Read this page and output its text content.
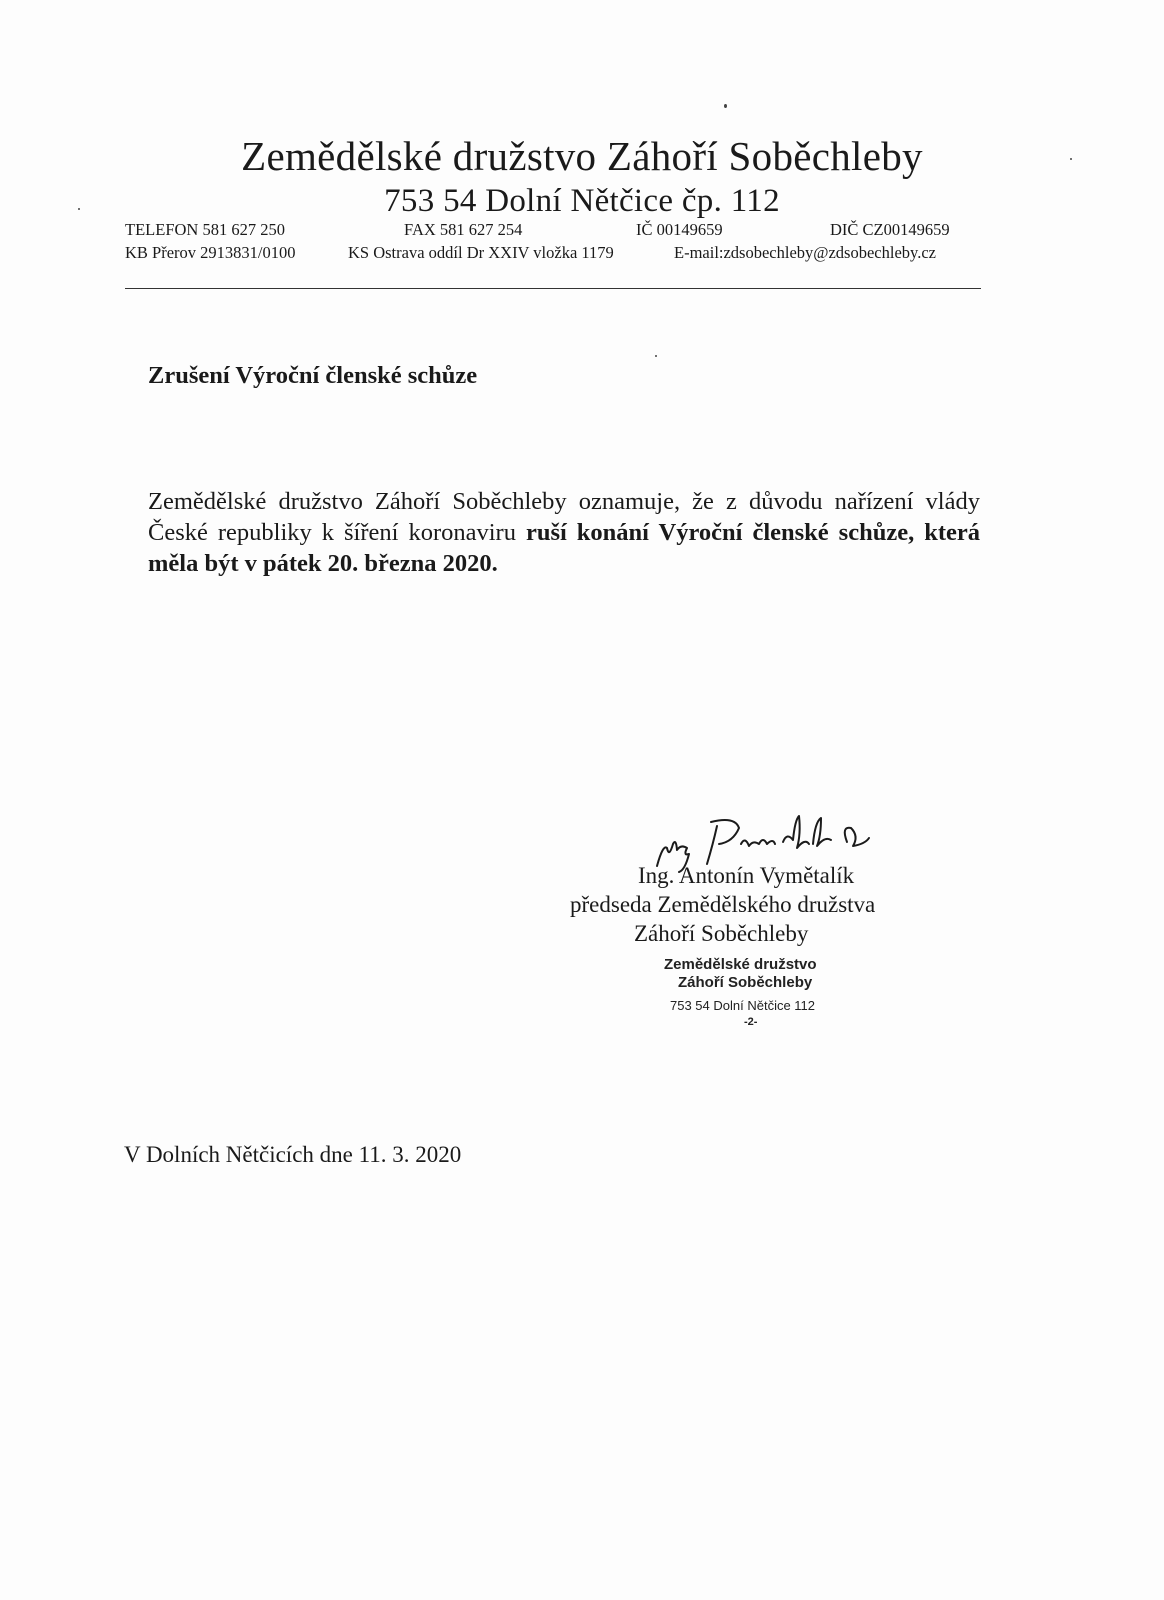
Zemědělské družstvo Záhoří Soběchleby
753 54 Dolní Nětčice čp. 112
TELEFON 581 627 250	FAX 581 627 254	IČ 00149659	DIČ CZ00149659
KB Přerov 2913831/0100	KS Ostrava oddíl Dr XXIV vložka 1179	E-mail:zdsobechleby@zdsobechleby.cz
Zrušení Výroční členské schůze
Zemědělské družstvo Záhoří Soběchleby oznamuje, že z důvodu nařízení vlády České republiky k šíření koronaviru ruší konání Výroční členské schůze, která měla být v pátek 20. března 2020.
Ing. Antonín Vymětalík
předseda Zemědělského družstva
Záhoří Soběchleby
Zemědělské družstvo
Záhoří Soběchleby
753 54 Dolní Nětčice 112
-2-
V Dolních Nětčicích dne 11. 3. 2020
